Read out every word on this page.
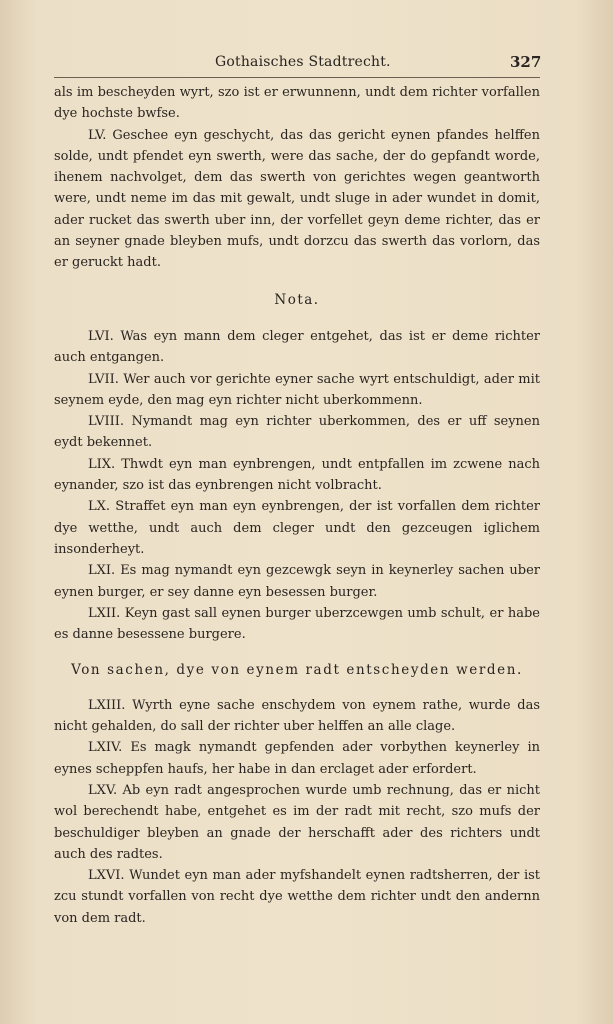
Gothaisches Stadtrecht.	327

als im bescheyden wyrt, szo ist er erwunnenn, undt dem richter vorfallen dye hochste bwfse.

LV. Geschee eyn geschycht, das das gericht eynen pfandes helffen solde, undt pfendet eyn swerth, were das sache, der do gepfandt worde, ihenem nachvolget, dem das swerth von gerichtes wegen geantworth were, undt neme im das mit gewalt, undt sluge in ader wundet in domit, ader rucket das swerth uber inn, der vorfellet geyn deme richter, das er an seyner gnade bleyben mufs, undt dorzcu das swerth das vorlorn, das er geruckt hadt.

Nota.

LVI. Was eyn mann dem cleger entgehet, das ist er deme richter auch entgangen.

LVII. Wer auch vor gerichte eyner sache wyrt entschuldigt, ader mit seynem eyde, den mag eyn richter nicht uberkommenn.

LVIII. Nymandt mag eyn richter uberkommen, des er uff seynen eydt bekennet.

LIX. Thwdt eyn man eynbrengen, undt entpfallen im zcwene nach eynander, szo ist das eynbrengen nicht volbracht.

LX. Straffet eyn man eyn eynbrengen, der ist vorfallen dem richter dye wetthe, undt auch dem cleger undt den gezceugen iglichem insonderheyt.

LXI. Es mag nymandt eyn gezcewgk seyn in keynerley sachen uber eynen burger, er sey danne eyn besessen burger.

LXII. Keyn gast sall eynen burger uberzcewgen umb schult, er habe es danne besessene burgere.

Von sachen, dye von eynem radt entscheyden werden.

LXIII. Wyrth eyne sache enschydem von eynem rathe, wurde das nicht gehalden, do sall der richter uber helffen an alle clage.

LXIV. Es magk nymandt gepfenden ader vorbythen keynerley in eynes scheppfen haufs, her habe in dan erclaget ader erfordert.

LXV. Ab eyn radt angesprochen wurde umb rechnung, das er nicht wol berechendt habe, entgehet es im der radt mit recht, szo mufs der beschuldiger bleyben an gnade der herschafft ader des richters undt auch des radtes.

LXVI. Wundet eyn man ader myfshandelt eynen radtsherren, der ist zcu stundt vorfallen von recht dye wetthe dem richter undt den andernn von dem radt.
